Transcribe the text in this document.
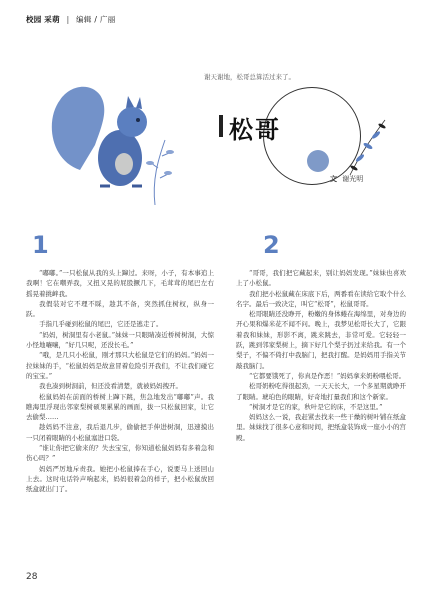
校园 采萌 | 编辑 / 广丽
谢天谢地，松哥总算活过来了。
松哥
文 谢光明
1	2

“嘟嘟。”一只松鼠从我的头上蹿过。来呀，小子，有本事追上我啊！它在嘲弄我，又扭又晃的屁股撅几下，毛茸茸的尾巴左右摇晃着挑衅我。

我假装对它不理不睬，趁其不备，突然抓住树杈，纵身一跃。

手指几乎碰到松鼠的尾巴，它还是逃走了。

“妈妈，树洞里有小老鼠。”妹妹一只眼睛凑近桥树树洞，大惊小怪地嚷嚷，“好几只呢，还没长毛。”

“哦，是几只小松鼠，刚才那只大松鼠是它们的妈妈。”妈妈一拉妹妹的手，“松鼠妈妈是故意冒着危险引开我们，不让我们碰它的宝宝。”

我也凑到树洞前，但还没看清楚，就被妈妈拽开。

松鼠妈妈在前面的桥树上蹿下跳，焦急地发出“嘟嘟”声。我瞧海里浮现出邻家梨树硕果累累的画面，拔一只松鼠回家，让它去偷梨……

趁妈妈不注意，我后退几步，偷偷把手伸进树洞，迅速摸出一只闭着眼睛的小松鼠塞进口袋。

“谁让你把它偷来的？失去宝宝，你知道松鼠妈妈有多着急和伤心吗？”

妈妈严厉地斥责我。她把小松鼠捧在手心，说要马上送回山上去。这时电话铃声响起来，妈妈很着急的样子，把小松鼠放回纸盒就出门了。

“哥哥，我们把它藏起来，别让妈妈发现。”妹妹也喜欢上了小松鼠。

我们把小松鼠藏在床底下后，两番看在读给它取个什么名字。最后一致决定，叫它“松哥”，松鼠哥哥。

松哥眼睛还没睁开，粉嫩的身体蜷在海绵里，对身边的开心果和爆米花不闻不问。晚上，我梦见松哥长大了，它跟着我和妹妹，形影不离，跳来跳去，非常可爱。它轻轻一跃，跳到邻家梨树上，摘下好几个梨子扔过来给我。有一个梨子，不偏不倚打中我脑门，把我打醒。是妈妈用手指关节敲我脑门。

“它都要饿死了，你真是作恶！”妈妈拿来奶粉喂松哥。

松哥奶粉吃得很起劲，一天天长大，一个多星期就睁开了眼睛。琥珀色的眼睛，好奇地打量我们和这个新家。

“树洞才是它的家，秋叶是它的床，不是这里。”

妈妈这么一说，我赶紧去找来一些干燥的树叶铺在纸盒里。妹妹找了很多心意和时间，把纸盒装饰成一座小小的宫殿。

28
